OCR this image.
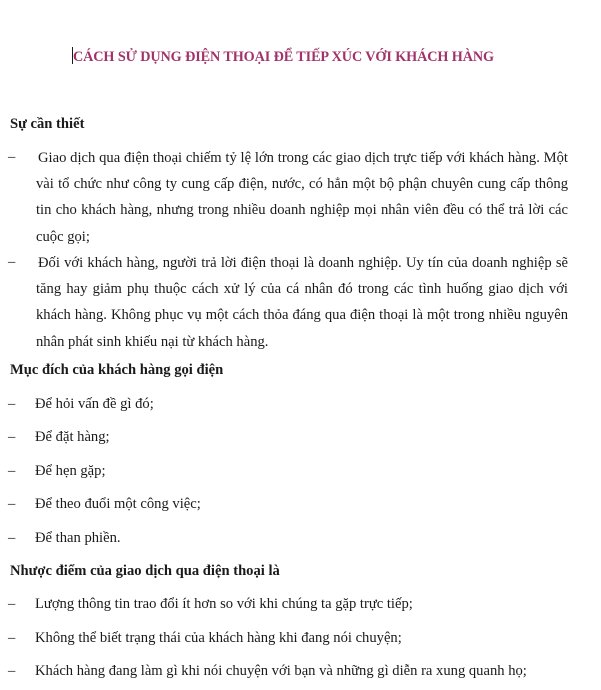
CÁCH SỬ DỤNG ĐIỆN THOẠI ĐỂ TIẾP XÚC VỚI KHÁCH HÀNG
Sự cần thiết
– Giao dịch qua điện thoại chiếm tỷ lệ lớn trong các giao dịch trực tiếp với khách hàng. Một vài tổ chức như công ty cung cấp điện, nước, có hẳn một bộ phận chuyên cung cấp thông tin cho khách hàng, nhưng trong nhiều doanh nghiệp mọi nhân viên đều có thể trả lời các cuộc gọi;
– Đối với khách hàng, người trả lời điện thoại là doanh nghiệp. Uy tín của doanh nghiệp sẽ tăng hay giảm phụ thuộc cách xử lý của cá nhân đó trong các tình huống giao dịch với khách hàng. Không phục vụ một cách thỏa đáng qua điện thoại là một trong nhiều nguyên nhân phát sinh khiếu nại từ khách hàng.
Mục đích của khách hàng gọi điện
– Để hỏi vấn đề gì đó;
– Để đặt hàng;
– Để hẹn gặp;
– Để theo đuổi một công việc;
– Để than phiền.
Nhược điểm của giao dịch qua điện thoại là
– Lượng thông tin trao đổi ít hơn so với khi chúng ta gặp trực tiếp;
– Không thể biết trạng thái của khách hàng khi đang nói chuyện;
– Khách hàng đang làm gì khi nói chuyện với bạn và những gì diễn ra xung quanh họ;
